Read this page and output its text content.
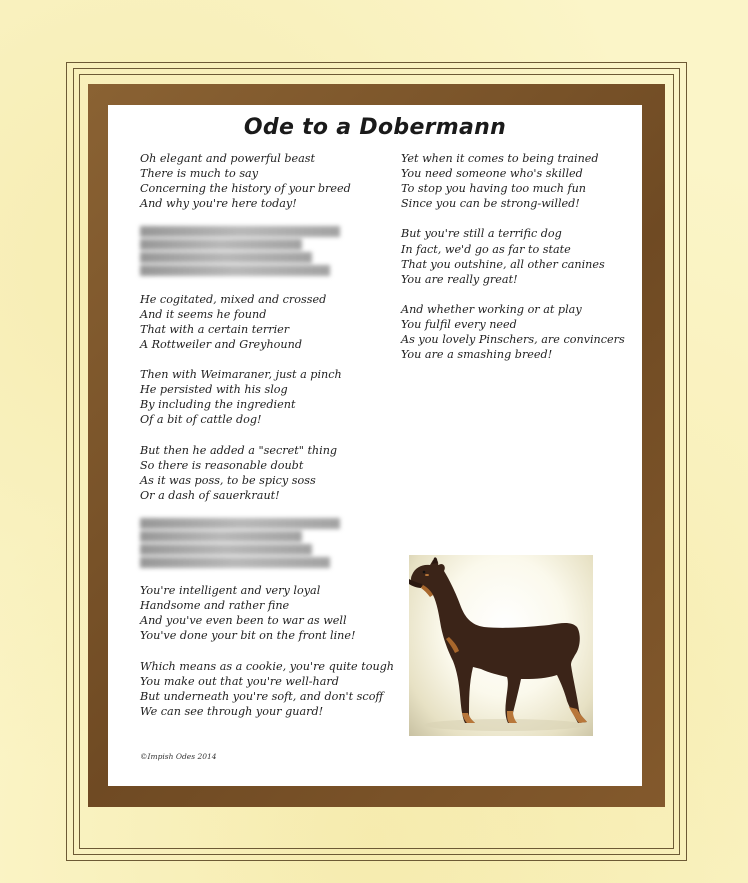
Ode to a Dobermann
Oh elegant and powerful beast
There is much to say
Concerning the history of your breed
And why you're here today!
He cogitated, mixed and crossed
And it seems he found
That with a certain terrier
A Rottweiler and Greyhound
Then with Weimaraner, just a pinch
He persisted with his slog
By including the ingredient
Of a bit of cattle dog!
But then he added a "secret" thing
So there is reasonable doubt
As it was poss, to be spicy soss
Or a dash of sauerkraut!
You're intelligent and very loyal
Handsome and rather fine
And you've even been to war as well
You've done your bit on the front line!
Which means as a cookie, you're quite tough
You make out that you're well-hard
But underneath you're soft, and don't scoff
We can see through your guard!
Yet when it comes to being trained
You need someone who's skilled
To stop you having too much fun
Since you can be strong-willed!
But you're still a terrific dog
In fact, we'd go as far to state
That you outshine, all other canines
You are really great!
And whether working or at play
You fulfil every need
As you lovely Pinschers, are convincers
You are a smashing breed!
©Impish Odes 2014
